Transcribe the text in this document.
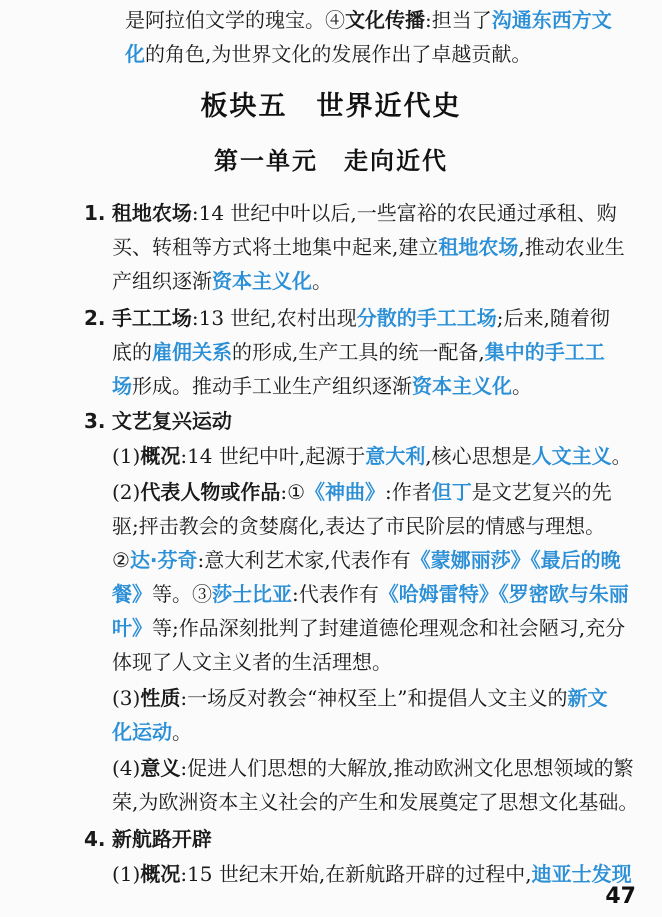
是阿拉伯文学的瑰宝。④文化传播:担当了沟通东西方文
化的角色,为世界文化的发展作出了卓越贡献。
板块五　世界近代史
第一单元　走向近代
1. 租地农场:14 世纪中叶以后,一些富裕的农民通过承租、购
买、转租等方式将土地集中起来,建立租地农场,推动农业生
产组织逐渐资本主义化。
2. 手工工场:13 世纪,农村出现分散的手工工场;后来,随着彻
底的雇佣关系的形成,生产工具的统一配备,集中的手工工
场形成。推动手工业生产组织逐渐资本主义化。
3. 文艺复兴运动
(1)概况:14 世纪中叶,起源于意大利,核心思想是人文主义。
(2)代表人物或作品:①《神曲》:作者但丁是文艺复兴的先
驱;抨击教会的贪婪腐化,表达了市民阶层的情感与理想。
②达·芬奇:意大利艺术家,代表作有《蒙娜丽莎》《最后的晚
餐》等。③莎士比亚:代表作有《哈姆雷特》《罗密欧与朱丽
叶》等;作品深刻批判了封建道德伦理观念和社会陋习,充分
体现了人文主义者的生活理想。
(3)性质:一场反对教会“神权至上”和提倡人文主义的新文
化运动。
(4)意义:促进人们思想的大解放,推动欧洲文化思想领域的繁
荣,为欧洲资本主义社会的产生和发展奠定了思想文化基础。
4. 新航路开辟
(1)概况:15 世纪末开始,在新航路开辟的过程中,迪亚士发现
47
